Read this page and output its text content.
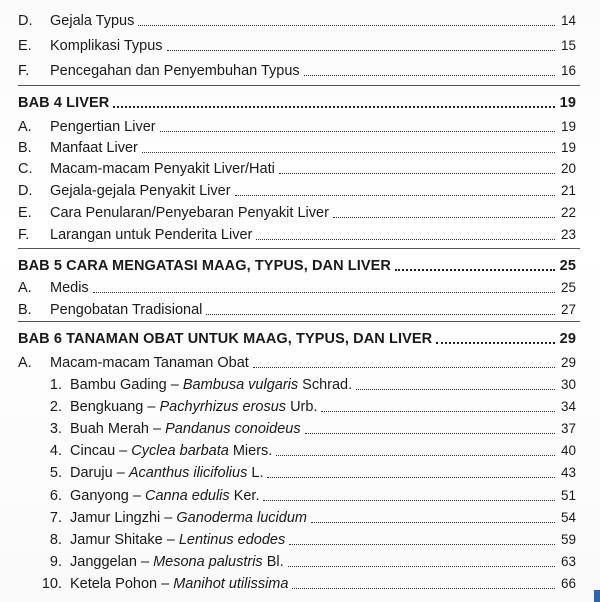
D.	Gejala Typus	14
E.	Komplikasi Typus	15
F.	Pencegahan dan Penyembuhan Typus	16
BAB 4 LIVER	19
A.	Pengertian Liver	19
B.	Manfaat Liver	19
C.	Macam-macam Penyakit Liver/Hati	20
D.	Gejala-gejala Penyakit Liver	21
E.	Cara Penularan/Penyebaran Penyakit Liver	22
F.	Larangan untuk Penderita Liver	23
BAB 5 CARA MENGATASI MAAG, TYPUS, DAN LIVER	25
A.	Medis	25
B.	Pengobatan Tradisional	27
BAB 6 TANAMAN OBAT UNTUK MAAG, TYPUS, DAN LIVER	29
A.	Macam-macam Tanaman Obat	29
1. Bambu Gading – Bambusa vulgaris Schrad.	30
2. Bengkuang – Pachyrhizus erosus Urb.	34
3. Buah Merah – Pandanus conoideus	37
4. Cincau – Cyclea barbata Miers.	40
5. Daruju – Acanthus ilicifolius L.	43
6. Ganyong – Canna edulis Ker.	51
7. Jamur Lingzhi – Ganoderma lucidum	54
8. Jamur Shitake – Lentinus edodes	59
9. Janggelan – Mesona palustris Bl.	63
10. Ketela Pohon – Manihot utilissima	66
